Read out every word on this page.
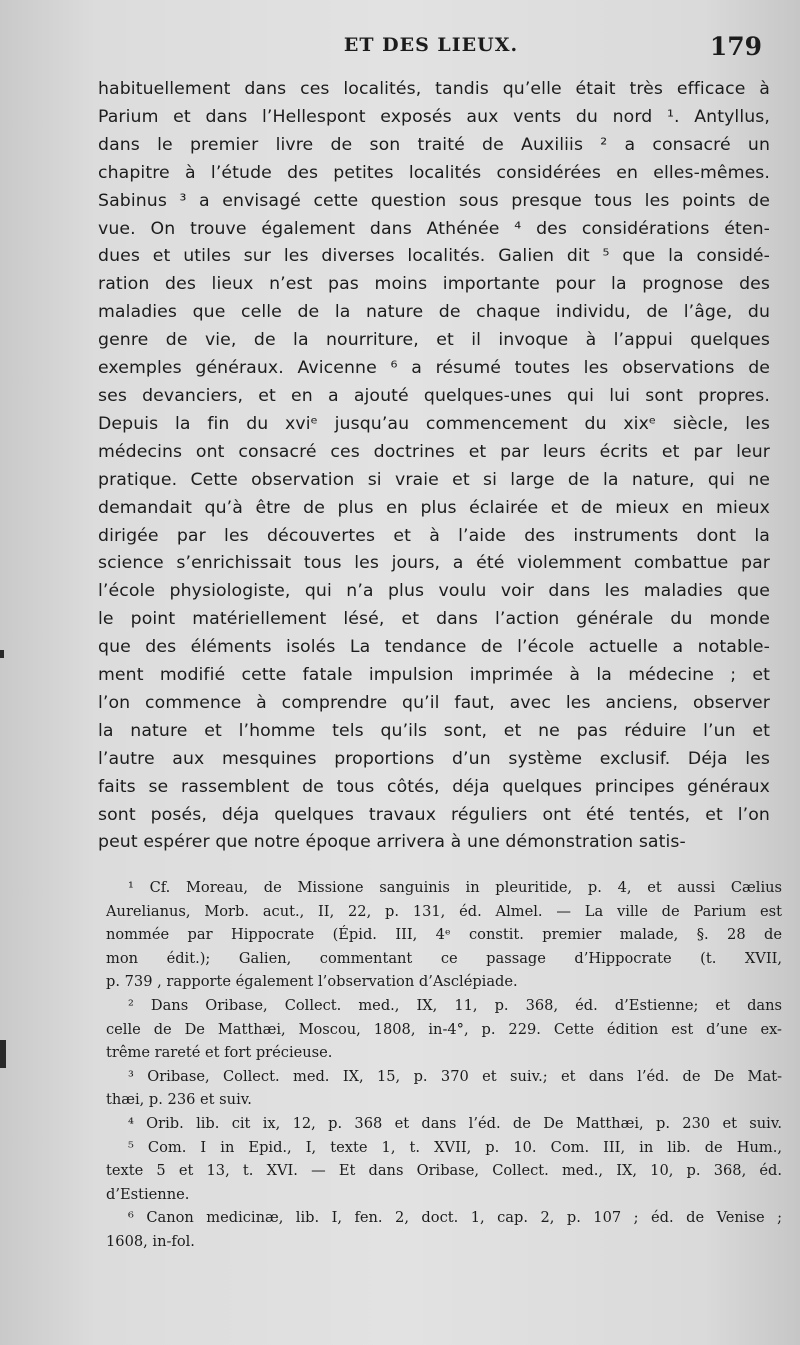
ET DES LIEUX.	179
habituellement dans ces localités, tandis qu’elle était très efficace à
Parium et dans l’Hellespont exposés aux vents du nord ¹. Antyllus,
dans le premier livre de son traité de Auxiliis ² a consacré un
chapitre à l’étude des petites localités considérées en elles-mêmes.
Sabinus ³ a envisagé cette question sous presque tous les points de
vue. On trouve également dans Athénée ⁴ des considérations éten-
dues et utiles sur les diverses localités. Galien dit ⁵ que la considé-
ration des lieux n’est pas moins importante pour la prognose des
maladies que celle de la nature de chaque individu, de l’âge, du
genre de vie, de la nourriture, et il invoque à l’appui quelques
exemples généraux. Avicenne ⁶ a résumé toutes les observations de
ses devanciers, et en a ajouté quelques-unes qui lui sont propres.
Depuis la fin du xviᵉ jusqu’au commencement du xixᵉ siècle, les
médecins ont consacré ces doctrines et par leurs écrits et par leur
pratique. Cette observation si vraie et si large de la nature, qui ne
demandait qu’à être de plus en plus éclairée et de mieux en mieux
dirigée par les découvertes et à l’aide des instruments dont la
science s’enrichissait tous les jours, a été violemment combattue par
l’école physiologiste, qui n’a plus voulu voir dans les maladies que
le point matériellement lésé, et dans l’action générale du monde
que des éléments isolés La tendance de l’école actuelle a notable-
ment modifié cette fatale impulsion imprimée à la médecine ; et
l’on commence à comprendre qu’il faut, avec les anciens, observer
la nature et l’homme tels qu’ils sont, et ne pas réduire l’un et
l’autre aux mesquines proportions d’un système exclusif. Déja les
faits se rassemblent de tous côtés, déja quelques principes généraux
sont posés, déja quelques travaux réguliers ont été tentés, et l’on
peut espérer que notre époque arrivera à une démonstration satis-
¹ Cf. Moreau, de Missione sanguinis in pleuritide, p. 4, et aussi Cælius
Aurelianus, Morb. acut., II, 22, p. 131, éd. Almel. — La ville de Parium est
nommée par Hippocrate (Épid. III, 4ᵉ constit. premier malade, §. 28 de
mon édit.); Galien, commentant ce passage d’Hippocrate (t. XVII,
p. 739 , rapporte également l’observation d’Asclépiade.
² Dans Oribase, Collect. med., IX, 11, p. 368, éd. d’Estienne; et dans
celle de De Matthæi, Moscou, 1808, in-4°, p. 229. Cette édition est d’une ex-
trême rareté et fort précieuse.
³ Oribase, Collect. med. IX, 15, p. 370 et suiv.; et dans l’éd. de De Mat-
thæi, p. 236 et suiv.
⁴ Orib. lib. cit ix, 12, p. 368 et dans l’éd. de De Matthæi, p. 230 et suiv.
⁵ Com. I in Epid., I, texte 1, t. XVII, p. 10. Com. III, in lib. de Hum.,
texte 5 et 13, t. XVI. — Et dans Oribase, Collect. med., IX, 10, p. 368, éd.
d’Estienne.
⁶ Canon medicinæ, lib. I, fen. 2, doct. 1, cap. 2, p. 107 ; éd. de Venise ;
1608, in-fol.
